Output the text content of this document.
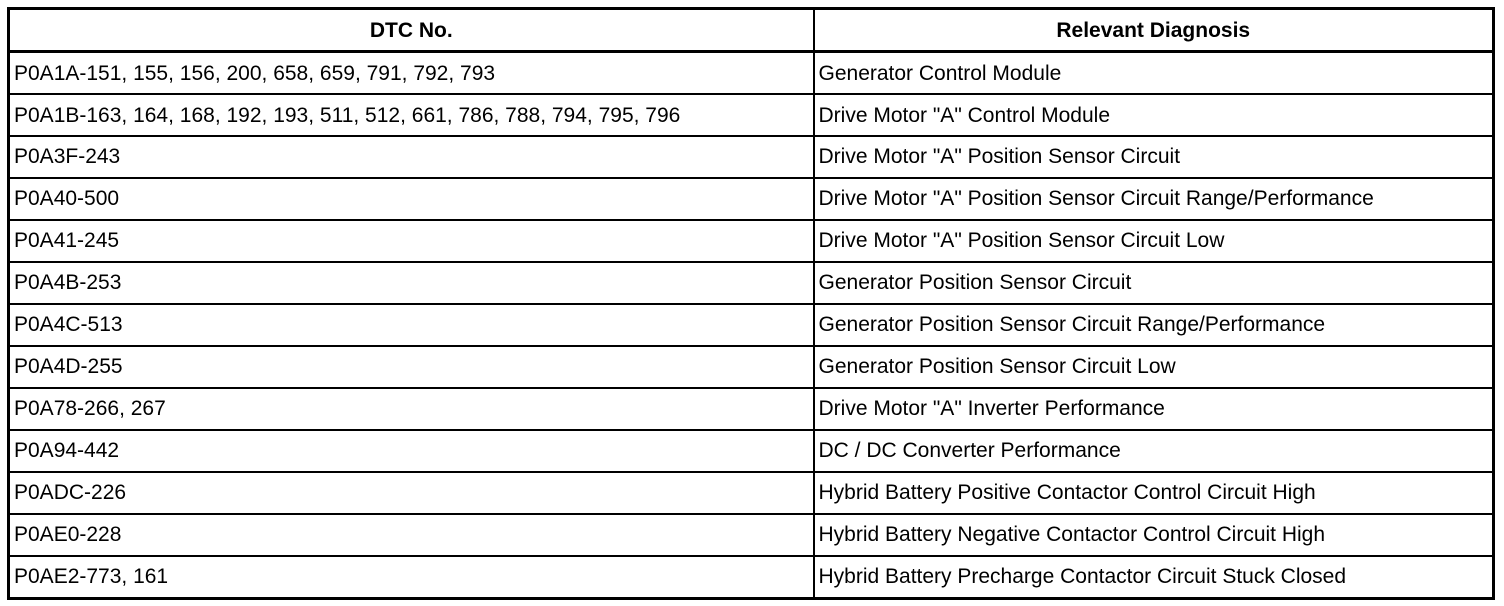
DTC No.	Relevant Diagnosis
P0A1A-151, 155, 156, 200, 658, 659, 791, 792, 793	Generator Control Module
P0A1B-163, 164, 168, 192, 193, 511, 512, 661, 786, 788, 794, 795, 796	Drive Motor "A" Control Module
P0A3F-243	Drive Motor "A" Position Sensor Circuit
P0A40-500	Drive Motor "A" Position Sensor Circuit Range/Performance
P0A41-245	Drive Motor "A" Position Sensor Circuit Low
P0A4B-253	Generator Position Sensor Circuit
P0A4C-513	Generator Position Sensor Circuit Range/Performance
P0A4D-255	Generator Position Sensor Circuit Low
P0A78-266, 267	Drive Motor "A" Inverter Performance
P0A94-442	DC / DC Converter Performance
P0ADC-226	Hybrid Battery Positive Contactor Control Circuit High
P0AE0-228	Hybrid Battery Negative Contactor Control Circuit High
P0AE2-773, 161	Hybrid Battery Precharge Contactor Circuit Stuck Closed
